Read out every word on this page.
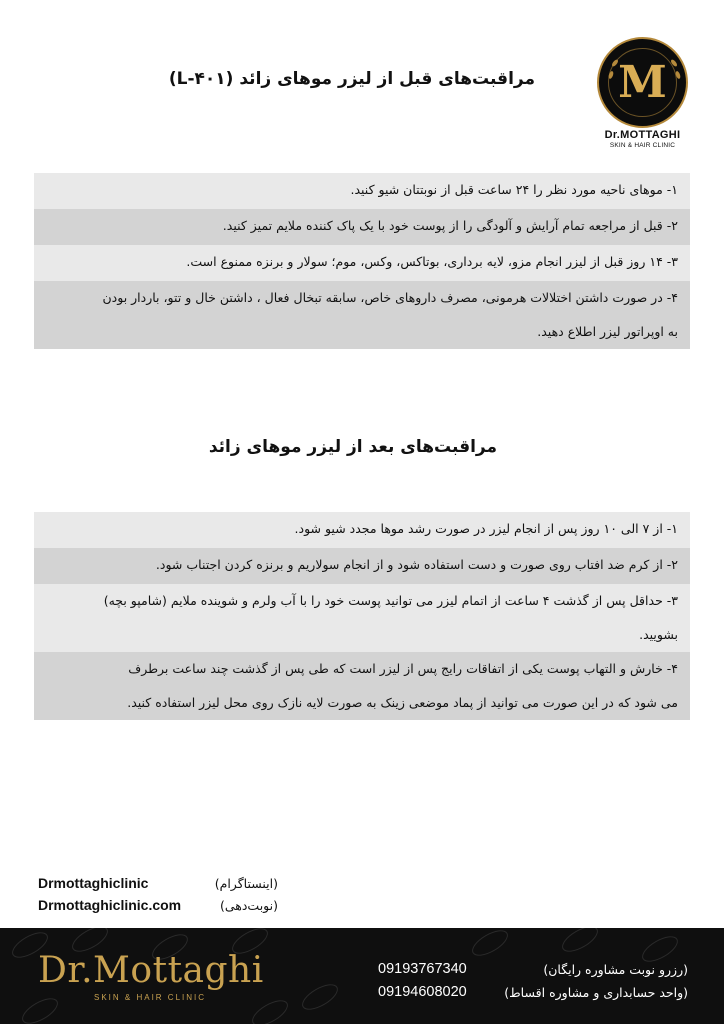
M
Dr.MOTTAGHI
SKIN & HAIR CLINIC
مراقبت‌های قبل از لیزر موهای زائد (L-۴۰۱)
۱- موهای ناحیه مورد نظر را ۲۴ ساعت قبل از نوبتتان شیو کنید.
۲- قبل از مراجعه تمام آرایش و آلودگی را از پوست خود با یک پاک کننده ملایم تمیز کنید.
۳- ۱۴ روز قبل از لیزر انجام مزو، لایه برداری، بوتاکس، وکس، موم؛ سولار و برنزه ممنوع است.
۴- در صورت داشتن اختلالات هرمونی، مصرف داروهای خاص، سابقه تبخال فعال ، داشتن خال و تتو، باردار بودن
به اوپراتور لیزر اطلاع دهید.
مراقبت‌های بعد از لیزر موهای زائد
۱- از ۷ الی ۱۰ روز پس از انجام لیزر در صورت رشد موها مجدد شیو شود.
۲- از کرم ضد افتاب روی صورت و دست استفاده شود و از انجام سولاریم و برنزه کردن اجتناب شود.
۳- حداقل پس از گذشت ۴ ساعت از اتمام لیزر می توانید پوست خود را با آب ولرم و شوینده ملایم (شامپو بچه)
بشویید.
۴- خارش و التهاب پوست یکی از اتفاقات رایج پس از لیزر است که طی پس از گذشت چند ساعت برطرف
می شود که در این صورت می توانید از پماد موضعی زینک به صورت لایه نازک روی محل لیزر استفاده کنید.
Drmottaghiclinic	(اینستاگرام)
Drmottaghiclinic.com	(نوبت‌دهی)
Dr.Mottaghi
SKIN & HAIR CLINIC
09193767340	(رزرو نوبت مشاوره رایگان)
09194608020	(واحد حسابداری و مشاوره اقساط)
